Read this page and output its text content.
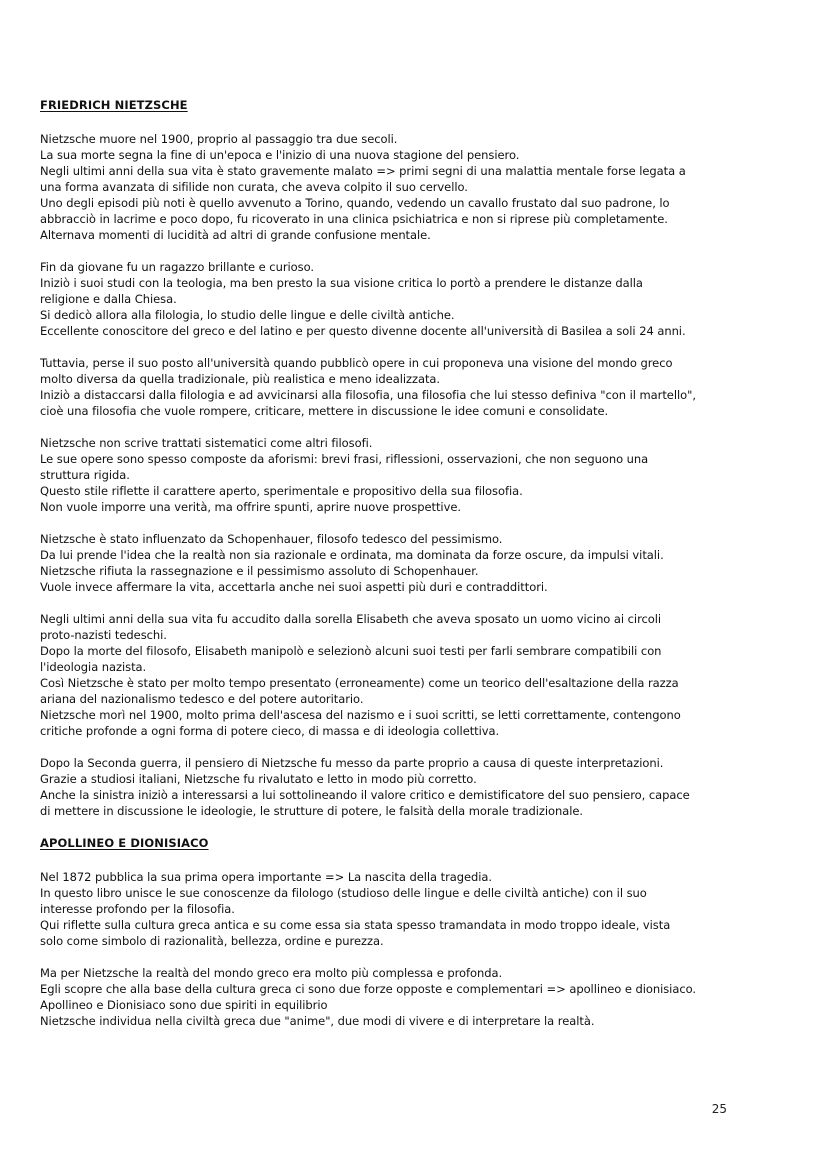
FRIEDRICH NIETZSCHE
Nietzsche muore nel 1900, proprio al passaggio tra due secoli.
La sua morte segna la fine di un'epoca e l'inizio di una nuova stagione del pensiero.
Negli ultimi anni della sua vita è stato gravemente malato => primi segni di una malattia mentale forse legata a
una forma avanzata di sifilide non curata, che aveva colpito il suo cervello.
Uno degli episodi più noti è quello avvenuto a Torino, quando, vedendo un cavallo frustato dal suo padrone, lo
abbracciò in lacrime e poco dopo, fu ricoverato in una clinica psichiatrica e non si riprese più completamente.
Alternava momenti di lucidità ad altri di grande confusione mentale.
Fin da giovane fu un ragazzo brillante e curioso.
Iniziò i suoi studi con la teologia, ma ben presto la sua visione critica lo portò a prendere le distanze dalla
religione e dalla Chiesa.
Si dedicò allora alla filologia, lo studio delle lingue e delle civiltà antiche.
Eccellente conoscitore del greco e del latino e per questo divenne docente all'università di Basilea a soli 24 anni.
Tuttavia, perse il suo posto all'università quando pubblicò opere in cui proponeva una visione del mondo greco
molto diversa da quella tradizionale, più realistica e meno idealizzata.
Iniziò a distaccarsi dalla filologia e ad avvicinarsi alla filosofia, una filosofia che lui stesso definiva "con il martello",
cioè una filosofia che vuole rompere, criticare, mettere in discussione le idee comuni e consolidate.
Nietzsche non scrive trattati sistematici come altri filosofi.
Le sue opere sono spesso composte da aforismi: brevi frasi, riflessioni, osservazioni, che non seguono una
struttura rigida.
Questo stile riflette il carattere aperto, sperimentale e propositivo della sua filosofia.
Non vuole imporre una verità, ma offrire spunti, aprire nuove prospettive.
Nietzsche è stato influenzato da Schopenhauer, filosofo tedesco del pessimismo.
Da lui prende l'idea che la realtà non sia razionale e ordinata, ma dominata da forze oscure, da impulsi vitali.
Nietzsche rifiuta la rassegnazione e il pessimismo assoluto di Schopenhauer.
Vuole invece affermare la vita, accettarla anche nei suoi aspetti più duri e contraddittori.
Negli ultimi anni della sua vita fu accudito dalla sorella Elisabeth che aveva sposato un uomo vicino ai circoli
proto-nazisti tedeschi.
Dopo la morte del filosofo, Elisabeth manipolò e selezionò alcuni suoi testi per farli sembrare compatibili con
l'ideologia nazista.
Così Nietzsche è stato per molto tempo presentato (erroneamente) come un teorico dell'esaltazione della razza
ariana del nazionalismo tedesco e del potere autoritario.
Nietzsche morì nel 1900, molto prima dell'ascesa del nazismo e i suoi scritti, se letti correttamente, contengono
critiche profonde a ogni forma di potere cieco, di massa e di ideologia collettiva.
Dopo la Seconda guerra, il pensiero di Nietzsche fu messo da parte proprio a causa di queste interpretazioni.
Grazie a studiosi italiani, Nietzsche fu rivalutato e letto in modo più corretto.
Anche la sinistra iniziò a interessarsi a lui sottolineando il valore critico e demistificatore del suo pensiero, capace
di mettere in discussione le ideologie, le strutture di potere, le falsità della morale tradizionale.
APOLLINEO E DIONISIACO
Nel 1872 pubblica la sua prima opera importante => La nascita della tragedia.
In questo libro unisce le sue conoscenze da filologo (studioso delle lingue e delle civiltà antiche) con il suo
interesse profondo per la filosofia.
Qui riflette sulla cultura greca antica e su come essa sia stata spesso tramandata in modo troppo ideale, vista
solo come simbolo di razionalità, bellezza, ordine e purezza.
Ma per Nietzsche la realtà del mondo greco era molto più complessa e profonda.
Egli scopre che alla base della cultura greca ci sono due forze opposte e complementari => apollineo e dionisiaco.
Apollineo e Dionisiaco sono due spiriti in equilibrio
Nietzsche individua nella civiltà greca due "anime", due modi di vivere e di interpretare la realtà.
25
